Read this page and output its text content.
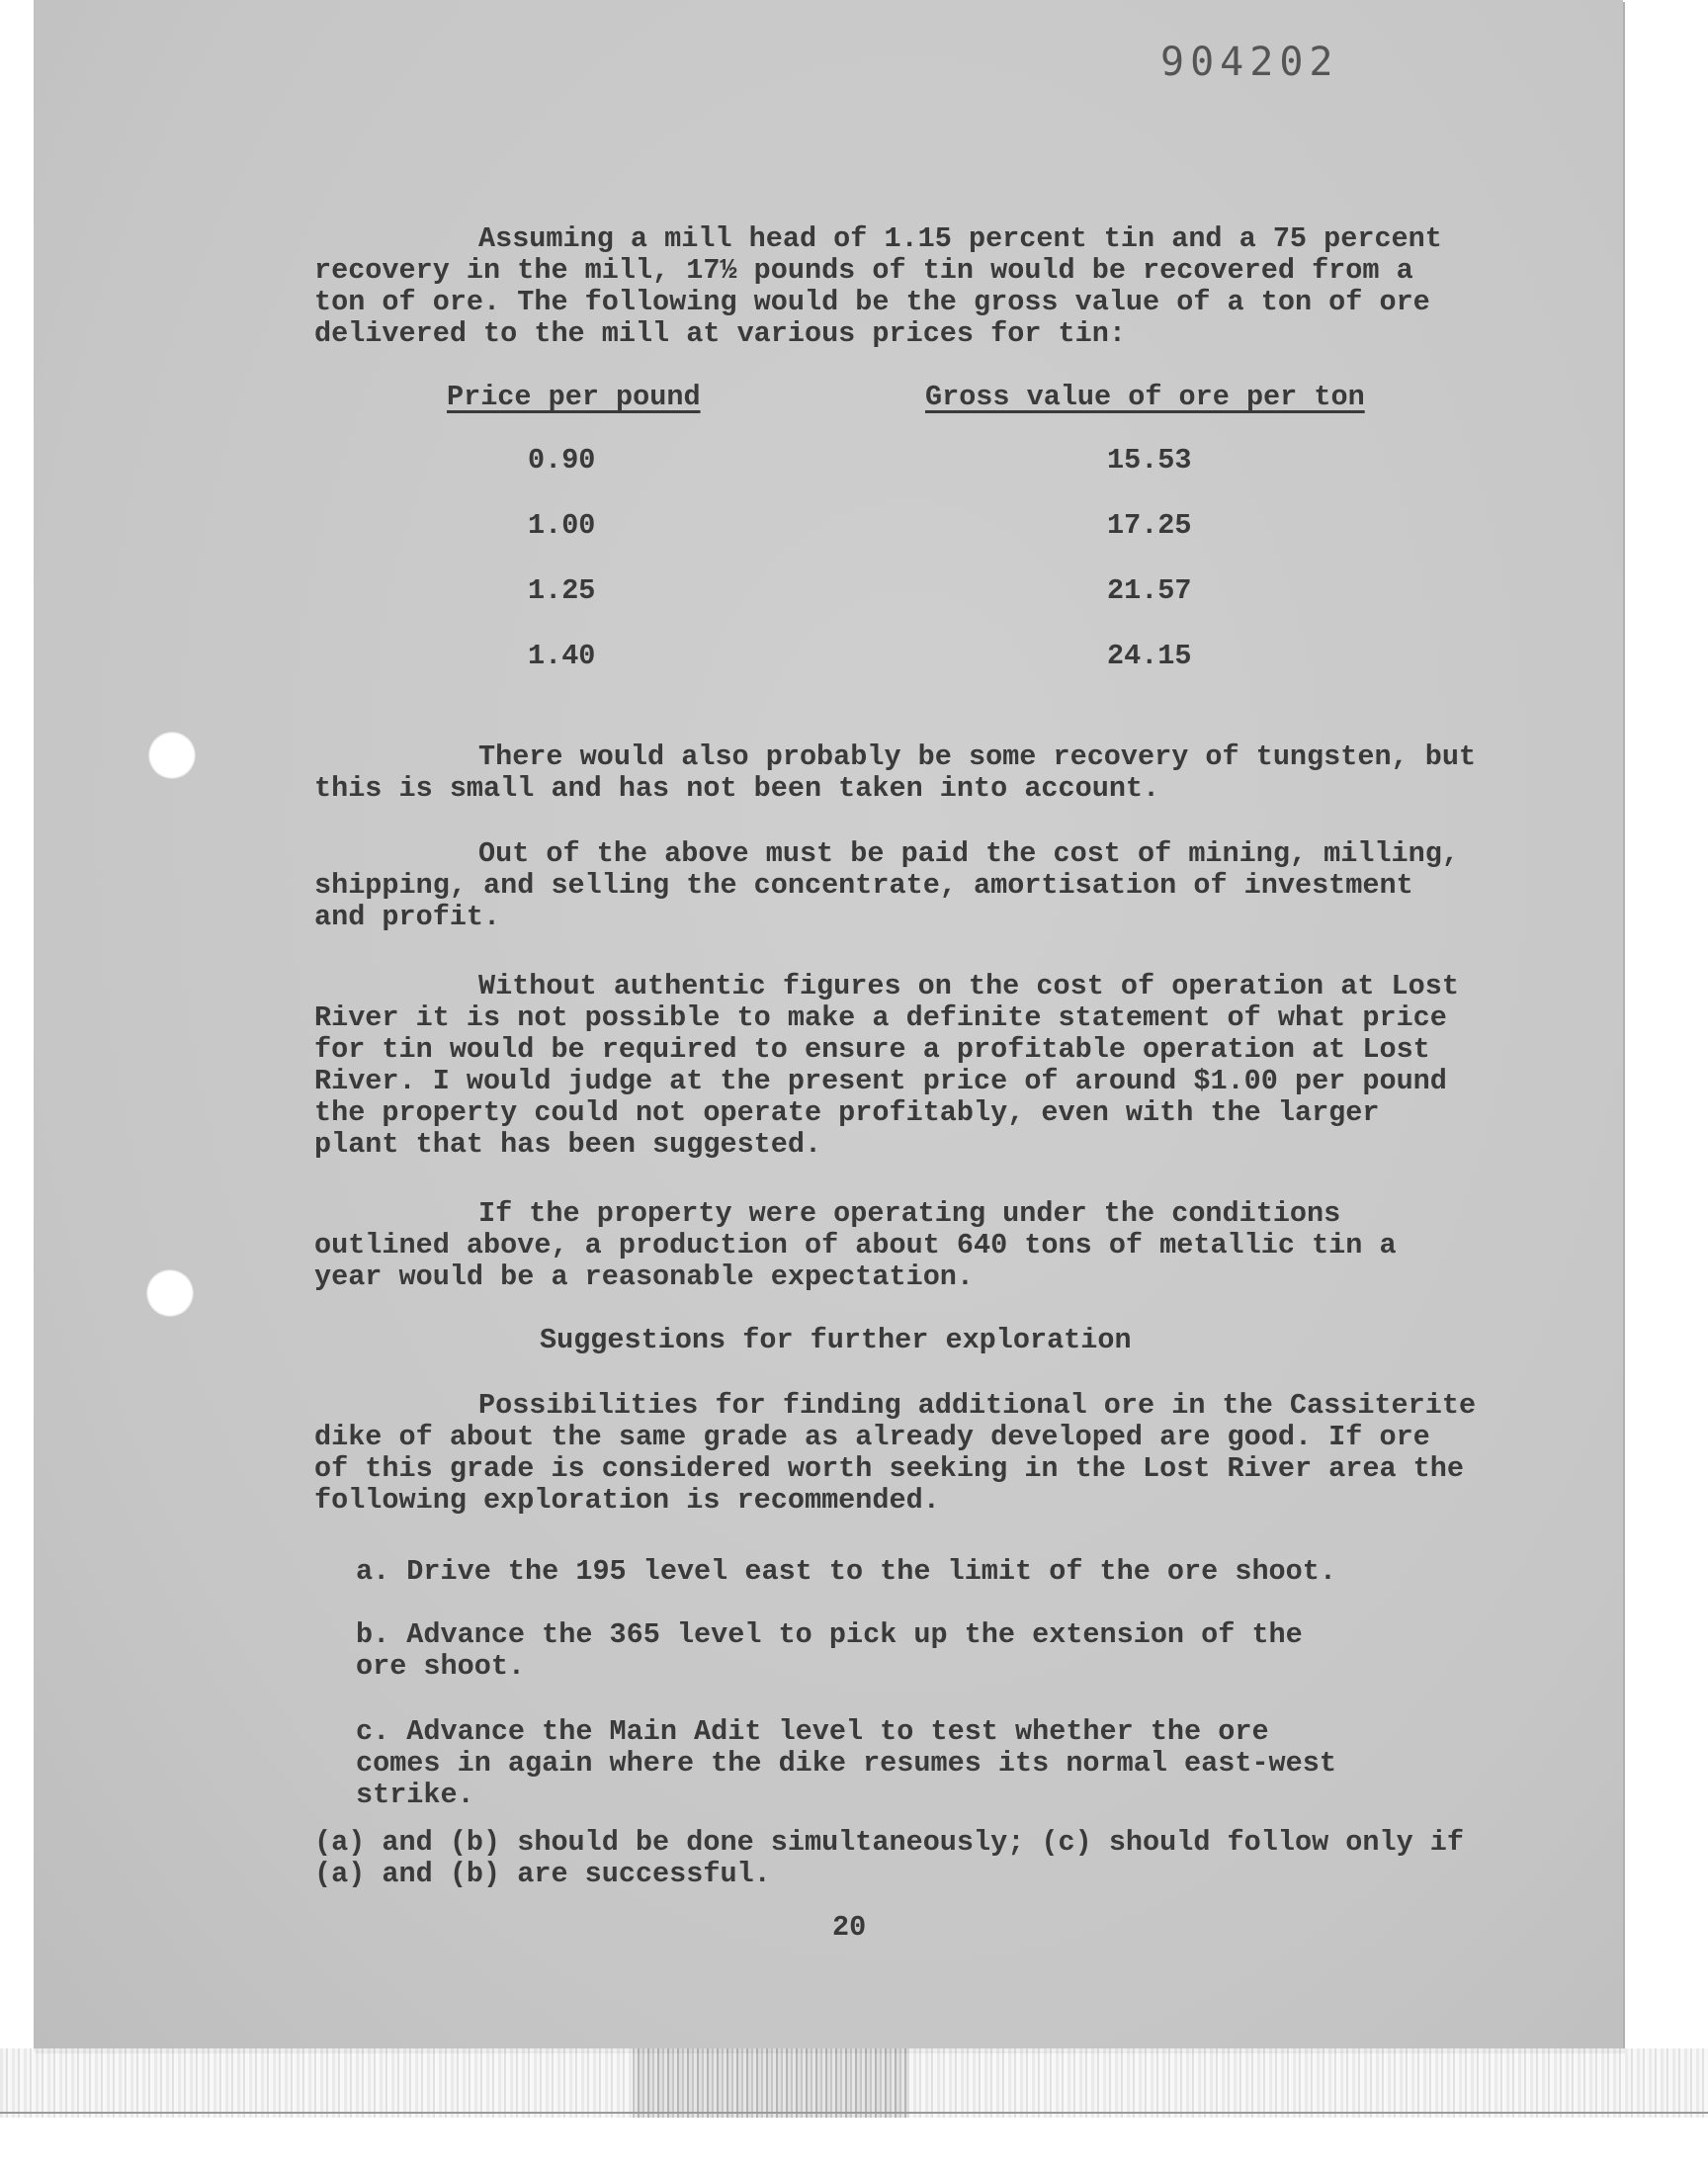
904202

Assuming a mill head of 1.15 percent tin and a 75 percent recovery in the mill, 17½ pounds of tin would be recovered from a ton of ore. The following would be the gross value of a ton of ore delivered to the mill at various prices for tin:

Price per pound	Gross value of ore per ton
0.90	15.53
1.00	17.25
1.25	21.57
1.40	24.15

There would also probably be some recovery of tungsten, but this is small and has not been taken into account.

Out of the above must be paid the cost of mining, milling, shipping, and selling the concentrate, amortisation of investment and profit.

Without authentic figures on the cost of operation at Lost River it is not possible to make a definite statement of what price for tin would be required to ensure a profitable operation at Lost River. I would judge at the present price of around $1.00 per pound the property could not operate profitably, even with the larger plant that has been suggested.

If the property were operating under the conditions outlined above, a production of about 640 tons of metallic tin a year would be a reasonable expectation.

Suggestions for further exploration

Possibilities for finding additional ore in the Cassiterite dike of about the same grade as already developed are good. If ore of this grade is considered worth seeking in the Lost River area the following exploration is recommended.

a. Drive the 195 level east to the limit of the ore shoot.

b. Advance the 365 level to pick up the extension of the ore shoot.

c. Advance the Main Adit level to test whether the ore comes in again where the dike resumes its normal east-west strike.

(a) and (b) should be done simultaneously; (c) should follow only if (a) and (b) are successful.

20
